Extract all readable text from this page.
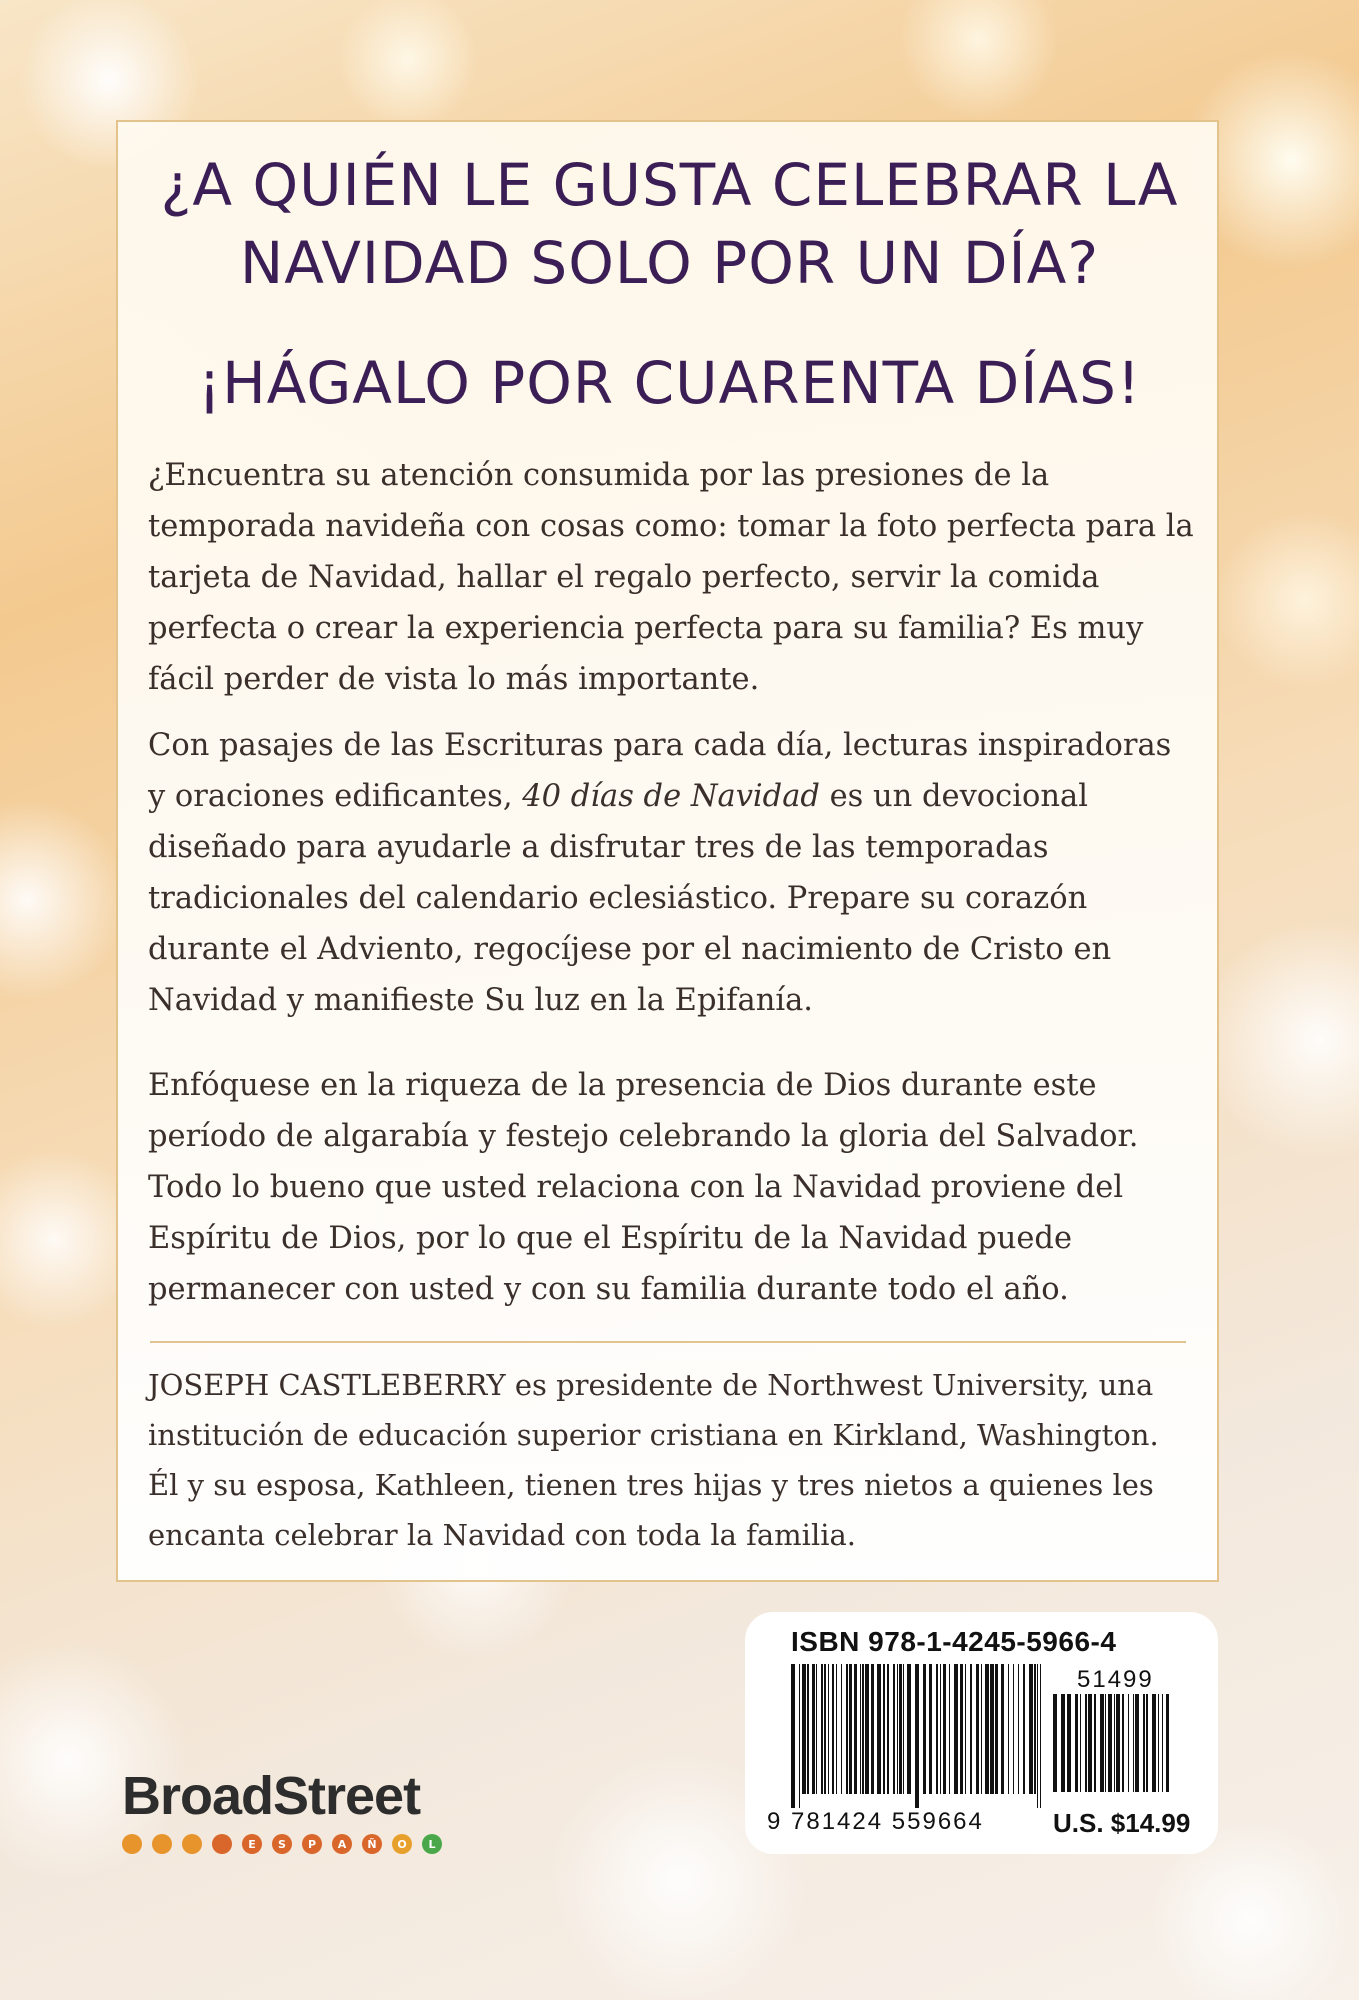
¿A QUIÉN LE GUSTA CELEBRAR LA
NAVIDAD SOLO POR UN DÍA?
¡HÁGALO POR CUARENTA DÍAS!

¿Encuentra su atención consumida por las presiones de la temporada navideña con cosas como: tomar la foto perfecta para la tarjeta de Navidad, hallar el regalo perfecto, servir la comida perfecta o crear la experiencia perfecta para su familia? Es muy fácil perder de vista lo más importante.

Con pasajes de las Escrituras para cada día, lecturas inspiradoras y oraciones edificantes, 40 días de Navidad es un devocional diseñado para ayudarle a disfrutar tres de las temporadas tradicionales del calendario eclesiástico. Prepare su corazón durante el Adviento, regocíjese por el nacimiento de Cristo en Navidad y manifieste Su luz en la Epifanía.

Enfóquese en la riqueza de la presencia de Dios durante este período de algarabía y festejo celebrando la gloria del Salvador. Todo lo bueno que usted relaciona con la Navidad proviene del Espíritu de Dios, por lo que el Espíritu de la Navidad puede permanecer con usted y con su familia durante todo el año.

JOSEPH CASTLEBERRY es presidente de Northwest University, una institución de educación superior cristiana en Kirkland, Washington. Él y su esposa, Kathleen, tienen tres hijas y tres nietos a quienes les encanta celebrar la Navidad con toda la familia.

BroadStreet
E	S	P	A	Ñ	O	L
ISBN 978-1-4245-5966-4
51499
9 781424 559664	U.S. $14.99
